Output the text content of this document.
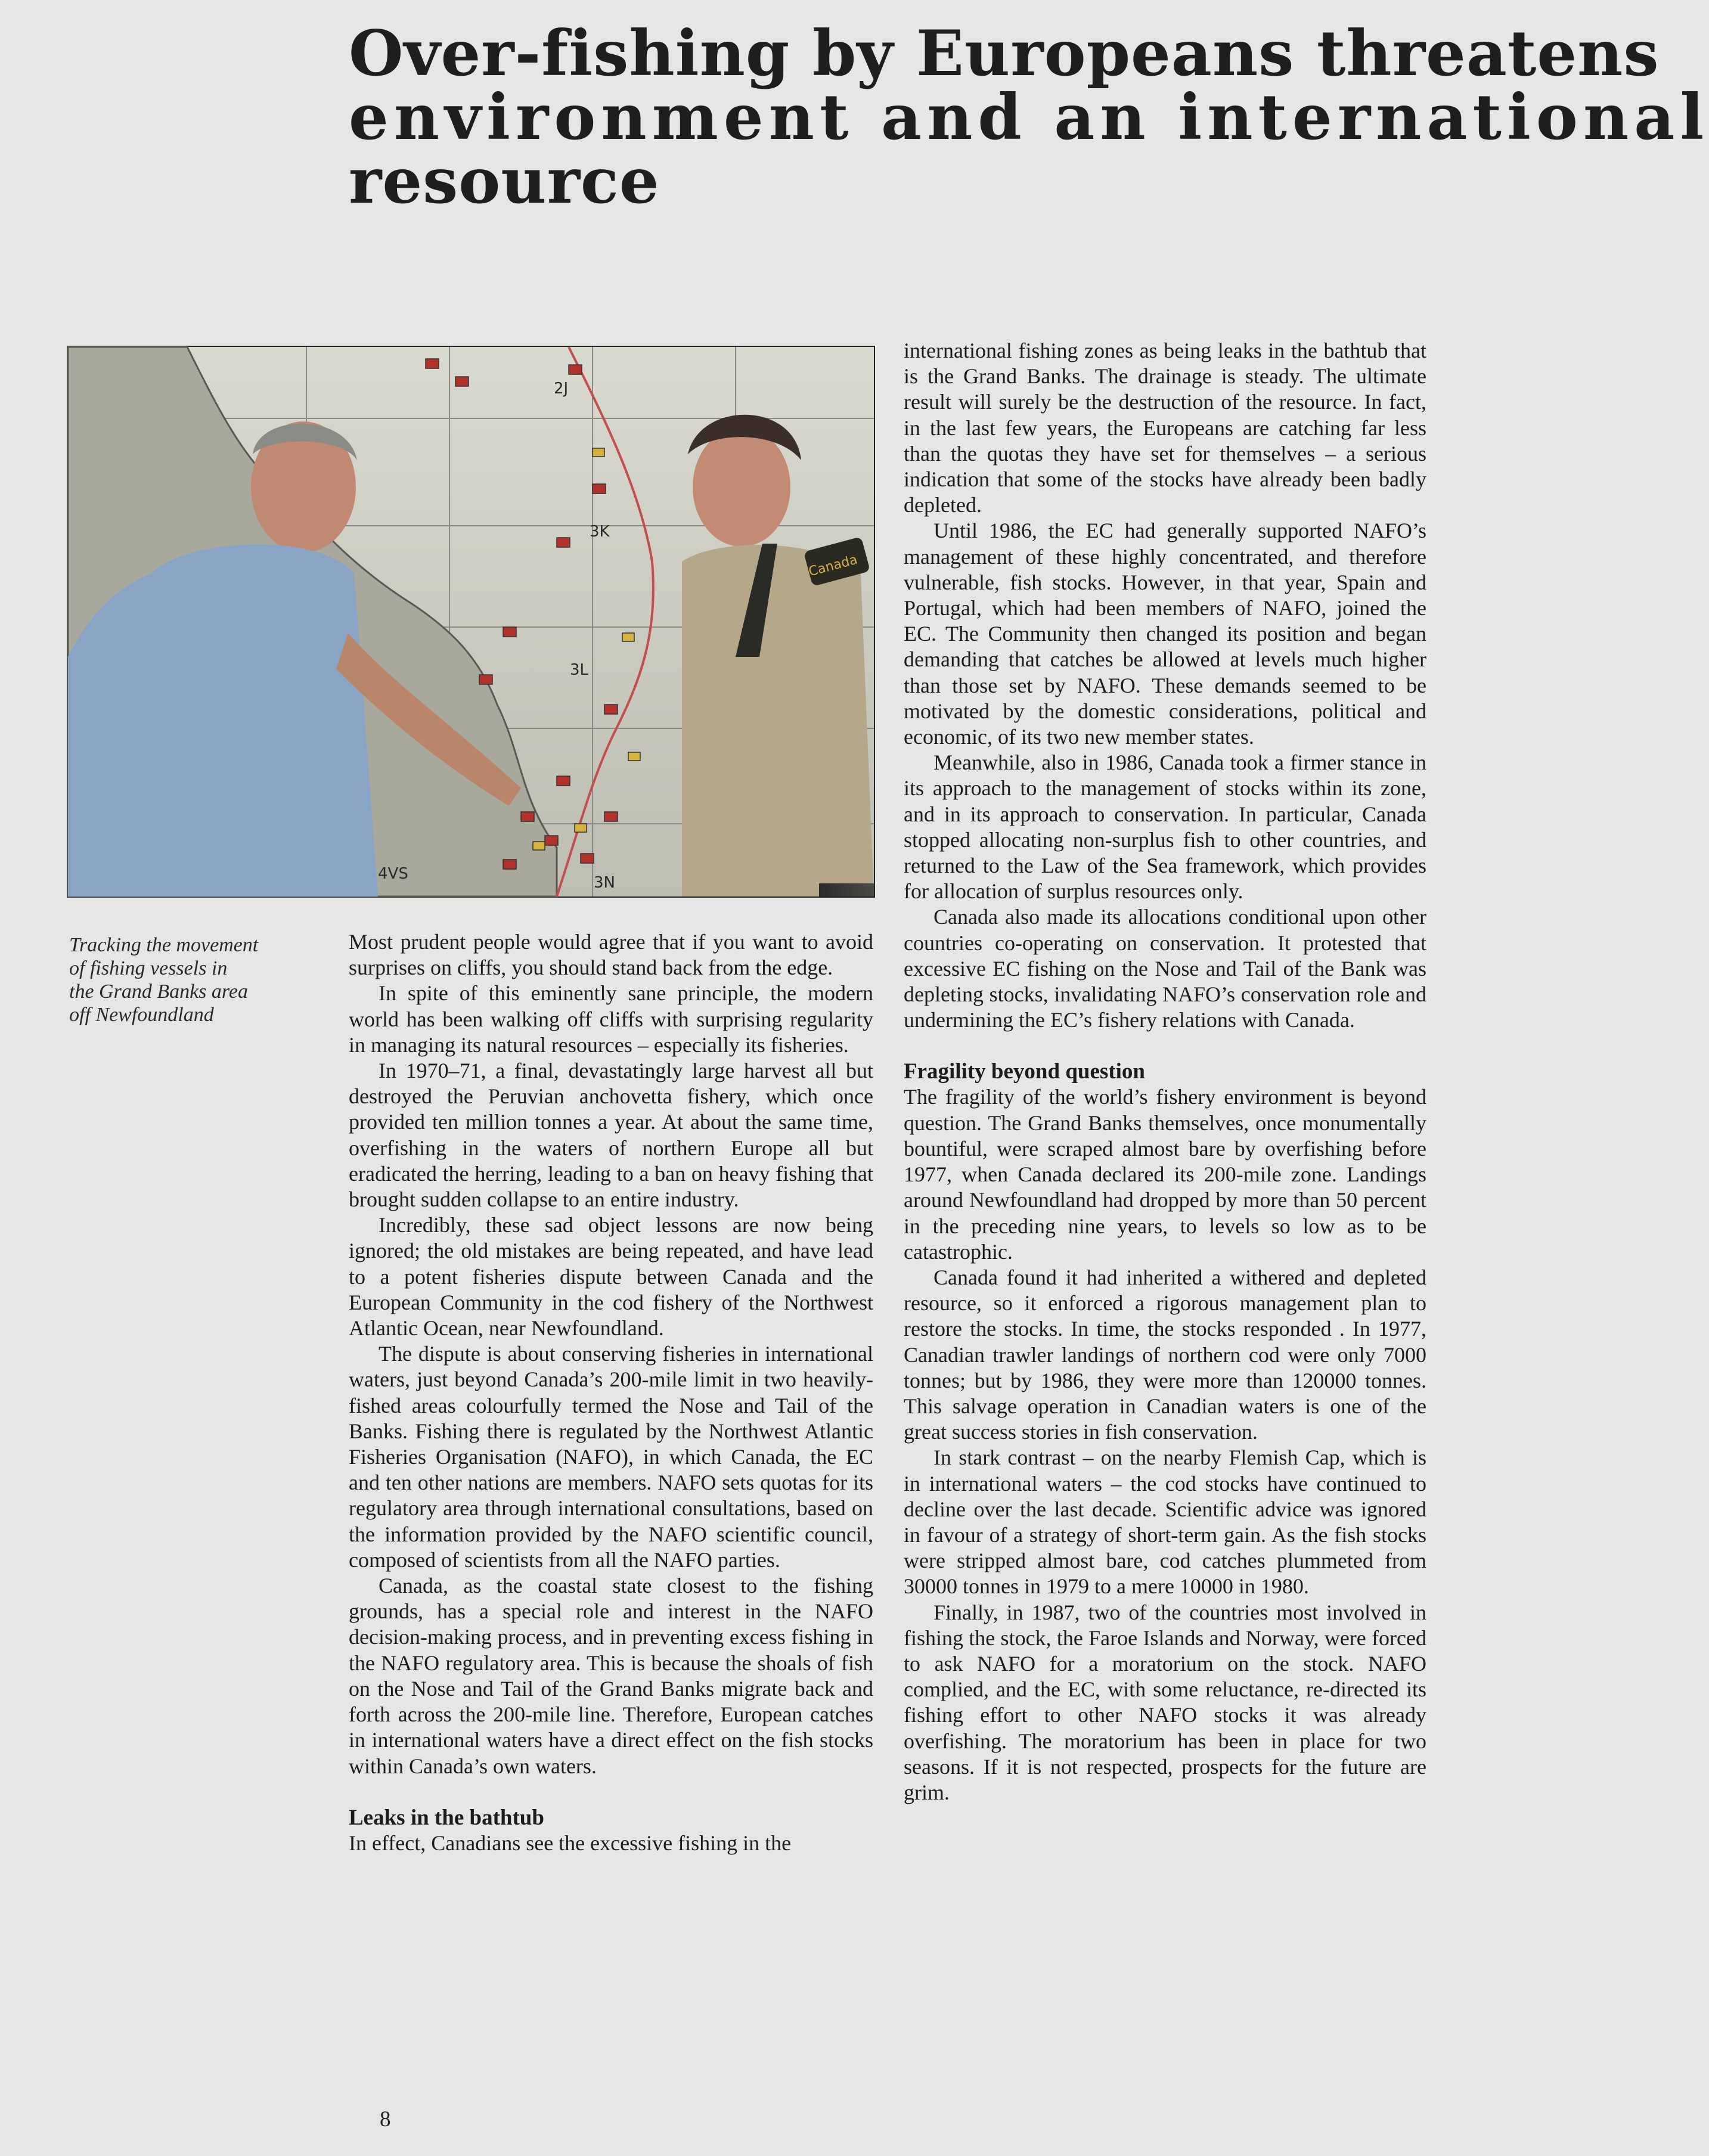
Over-fishing by Europeans threatens
environment and an international
resource
2J
3K
3L
3N
4VS
Canada
Tracking the movement
of fishing vessels in
the Grand Banks area
off Newfoundland

Most prudent people would agree that if you want to avoid surprises on cliffs, you should stand back from the edge.

In spite of this eminently sane principle, the modern world has been walking off cliffs with surprising regularity in managing its natural resources – especially its fisheries.

In 1970–71, a final, devastatingly large harvest all but destroyed the Peruvian anchovetta fishery, which once provided ten million tonnes a year. At about the same time, overfishing in the waters of northern Europe all but eradicated the herring, leading to a ban on heavy fishing that brought sudden collapse to an entire industry.

Incredibly, these sad object lessons are now being ignored; the old mistakes are being repeated, and have lead to a potent fisheries dispute between Canada and the European Community in the cod fishery of the Northwest Atlantic Ocean, near Newfoundland.

The dispute is about conserving fisheries in international waters, just beyond Canada’s 200-mile limit in two heavily-fished areas colourfully termed the Nose and Tail of the Banks. Fishing there is regulated by the Northwest Atlantic Fisheries Organisation (NAFO), in which Canada, the EC and ten other nations are members. NAFO sets quotas for its regulatory area through international consultations, based on the information provided by the NAFO scientific council, composed of scientists from all the NAFO parties.

Canada, as the coastal state closest to the fishing grounds, has a special role and interest in the NAFO decision-making process, and in preventing excess fishing in the NAFO regulatory area. This is because the shoals of fish on the Nose and Tail of the Grand Banks migrate back and forth across the 200-mile line. Therefore, European catches in international waters have a direct effect on the fish stocks within Canada’s own waters.

Leaks in the bathtub

In effect, Canadians see the excessive fishing in the

international fishing zones as being leaks in the bathtub that is the Grand Banks. The drainage is steady. The ultimate result will surely be the destruction of the resource. In fact, in the last few years, the Europeans are catching far less than the quotas they have set for themselves – a serious indication that some of the stocks have already been badly depleted.

Until 1986, the EC had generally supported NAFO’s management of these highly concentrated, and therefore vulnerable, fish stocks. However, in that year, Spain and Portugal, which had been members of NAFO, joined the EC. The Community then changed its position and began demanding that catches be allowed at levels much higher than those set by NAFO. These demands seemed to be motivated by the domestic considerations, political and economic, of its two new member states.

Meanwhile, also in 1986, Canada took a firmer stance in its approach to the management of stocks within its zone, and in its approach to conservation. In particular, Canada stopped allocating non-surplus fish to other countries, and returned to the Law of the Sea framework, which provides for allocation of surplus resources only.

Canada also made its allocations conditional upon other countries co-operating on conservation. It protested that excessive EC fishing on the Nose and Tail of the Bank was depleting stocks, invalidating NAFO’s conservation role and undermining the EC’s fishery relations with Canada.

Fragility beyond question

The fragility of the world’s fishery environment is beyond question. The Grand Banks themselves, once monumentally bountiful, were scraped almost bare by overfishing before 1977, when Canada declared its 200-mile zone. Landings around Newfoundland had dropped by more than 50 percent in the preceding nine years, to levels so low as to be catastrophic.

Canada found it had inherited a withered and depleted resource, so it enforced a rigorous management plan to restore the stocks. In time, the stocks responded . In 1977, Canadian trawler landings of northern cod were only 7000 tonnes; but by 1986, they were more than 120000 tonnes. This salvage operation in Canadian waters is one of the great success stories in fish conservation.

In stark contrast – on the nearby Flemish Cap, which is in international waters – the cod stocks have continued to decline over the last decade. Scientific advice was ignored in favour of a strategy of short-term gain. As the fish stocks were stripped almost bare, cod catches plummeted from 30000 tonnes in 1979 to a mere 10000 in 1980.

Finally, in 1987, two of the countries most involved in fishing the stock, the Faroe Islands and Norway, were forced to ask NAFO for a moratorium on the stock. NAFO complied, and the EC, with some reluctance, re-directed its fishing effort to other NAFO stocks it was already overfishing. The moratorium has been in place for two seasons. If it is not respected, prospects for the future are grim.

8
